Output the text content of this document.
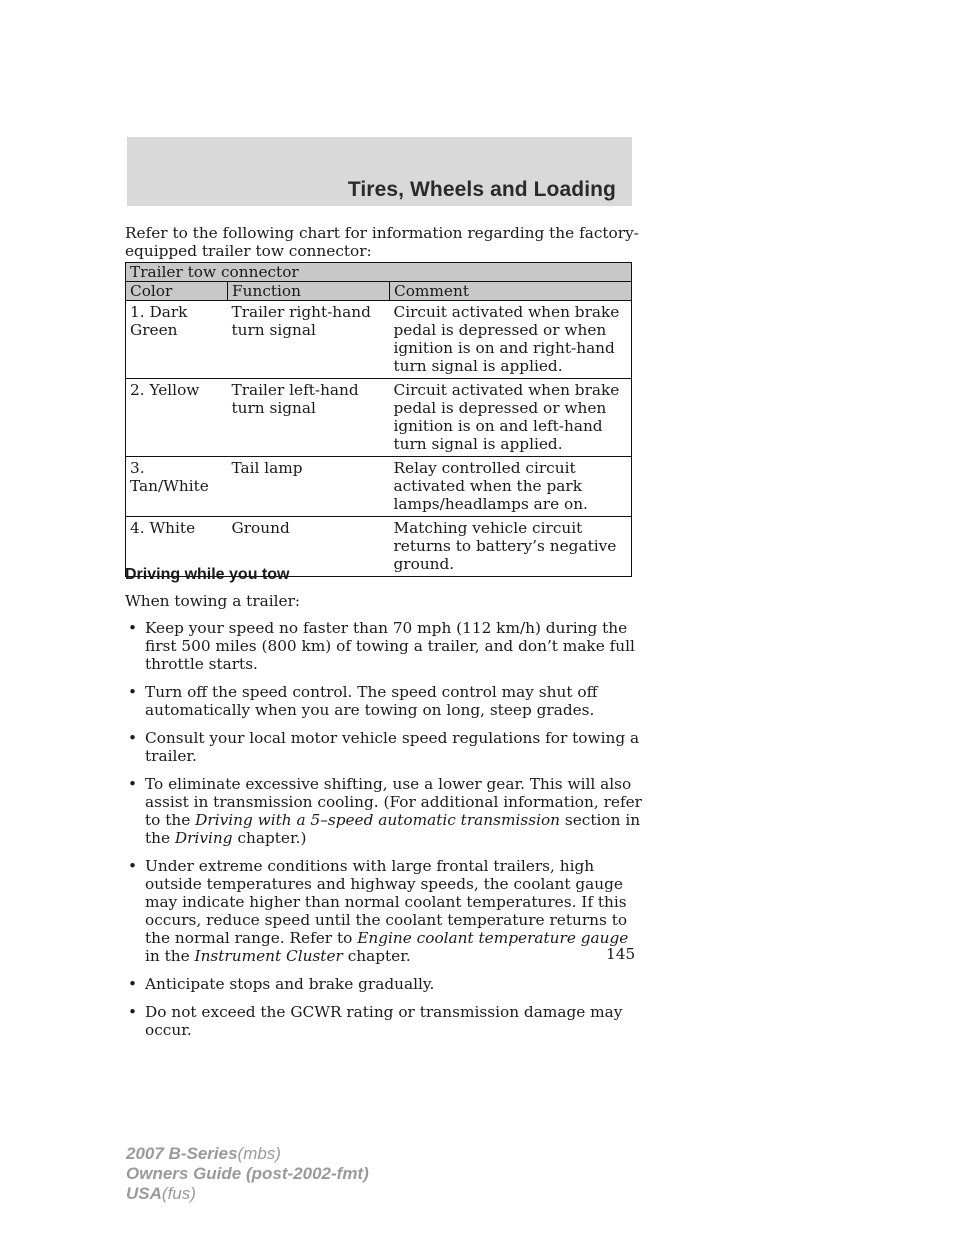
Tires, Wheels and Loading

Refer to the following chart for information regarding the factory-equipped trailer tow connector:

Trailer tow connector		
Color	Function	Comment
1. Dark Green	Trailer right-hand turn signal	Circuit activated when brake pedal is depressed or when ignition is on and right-hand turn signal is applied.
2. Yellow	Trailer left-hand turn signal	Circuit activated when brake pedal is depressed or when ignition is on and left-hand turn signal is applied.
3. Tan/White	Tail lamp	Relay controlled circuit activated when the park lamps/headlamps are on.
4. White	Ground	Matching vehicle circuit returns to battery’s negative ground.
Driving while you tow

When towing a trailer:

• Keep your speed no faster than 70 mph (112 km/h) during the first 500 miles (800 km) of towing a trailer, and don’t make full throttle starts.
• Turn off the speed control. The speed control may shut off automatically when you are towing on long, steep grades.
• Consult your local motor vehicle speed regulations for towing a trailer.
• To eliminate excessive shifting, use a lower gear. This will also assist in transmission cooling. (For additional information, refer to the Driving with a 5–speed automatic transmission section in the Driving chapter.)
• Under extreme conditions with large frontal trailers, high outside temperatures and highway speeds, the coolant gauge may indicate higher than normal coolant temperatures. If this occurs, reduce speed until the coolant temperature returns to the normal range. Refer to Engine coolant temperature gauge in the Instrument Cluster chapter.
• Anticipate stops and brake gradually.
• Do not exceed the GCWR rating or transmission damage may occur.
145
2007 B-Series(mbs)
Owners Guide (post-2002-fmt)
USA(fus)
